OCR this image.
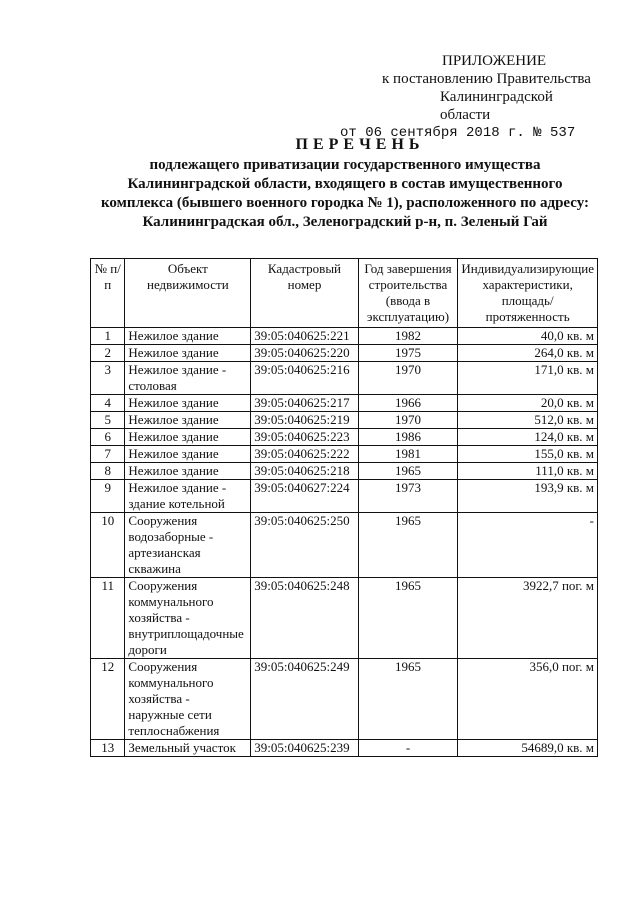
ПРИЛОЖЕНИЕ
к постановлению Правительства
Калининградской области
от 06 сентября 2018 г. № 537
ПЕРЕЧЕНЬ
подлежащего приватизации государственного имущества
Калининградской области, входящего в состав имущественного
комплекса (бывшего военного городка № 1), расположенного по адресу:
Калининградская обл., Зеленоградский р-н, п. Зеленый Гай
№ п/п	Объект недвижимости	Кадастровый номер	Год завершения строительства (ввода в эксплуатацию)	Индивидуализирующие характеристики, площадь/ протяженность
1	Нежилое здание	39:05:040625:221	1982	40,0 кв. м
2	Нежилое здание	39:05:040625:220	1975	264,0 кв. м
3	Нежилое здание - столовая	39:05:040625:216	1970	171,0 кв. м
4	Нежилое здание	39:05:040625:217	1966	20,0 кв. м
5	Нежилое здание	39:05:040625:219	1970	512,0 кв. м
6	Нежилое здание	39:05:040625:223	1986	124,0 кв. м
7	Нежилое здание	39:05:040625:222	1981	155,0 кв. м
8	Нежилое здание	39:05:040625:218	1965	111,0 кв. м
9	Нежилое здание - здание котельной	39:05:040627:224	1973	193,9 кв. м
10	Сооружения водозаборные - артезианская скважина	39:05:040625:250	1965	-
11	Сооружения коммунального хозяйства - внутриплощадочные дороги	39:05:040625:248	1965	3922,7 пог. м
12	Сооружения коммунального хозяйства - наружные сети теплоснабжения	39:05:040625:249	1965	356,0 пог. м
13	Земельный участок	39:05:040625:239	-	54689,0 кв. м
